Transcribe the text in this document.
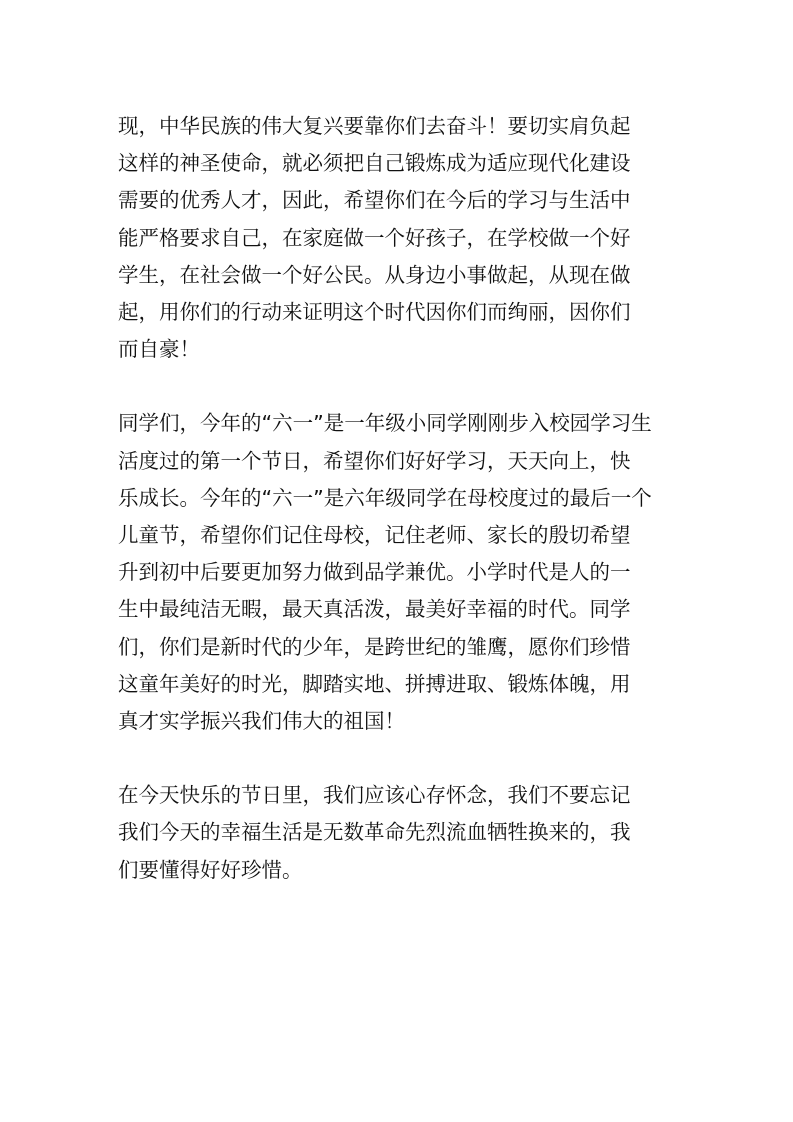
现，中华民族的伟大复兴要靠你们去奋斗！要切实肩负起
这样的神圣使命，就必须把自己锻炼成为适应现代化建设
需要的优秀人才，因此，希望你们在今后的学习与生活中
能严格要求自己，在家庭做一个好孩子，在学校做一个好
学生，在社会做一个好公民。从身边小事做起，从现在做
起，用你们的行动来证明这个时代因你们而绚丽，因你们
而自豪！

同学们，今年的“六一”是一年级小同学刚刚步入校园学习生
活度过的第一个节日，希望你们好好学习，天天向上，快
乐成长。今年的“六一”是六年级同学在母校度过的最后一个
儿童节，希望你们记住母校，记住老师、家长的殷切希望
升到初中后要更加努力做到品学兼优。小学时代是人的一
生中最纯洁无暇，最天真活泼，最美好幸福的时代。同学
们，你们是新时代的少年，是跨世纪的雏鹰，愿你们珍惜
这童年美好的时光，脚踏实地、拼搏进取、锻炼体魄，用
真才实学振兴我们伟大的祖国！

在今天快乐的节日里，我们应该心存怀念，我们不要忘记
我们今天的幸福生活是无数革命先烈流血牺牲换来的，我
们要懂得好好珍惜。
